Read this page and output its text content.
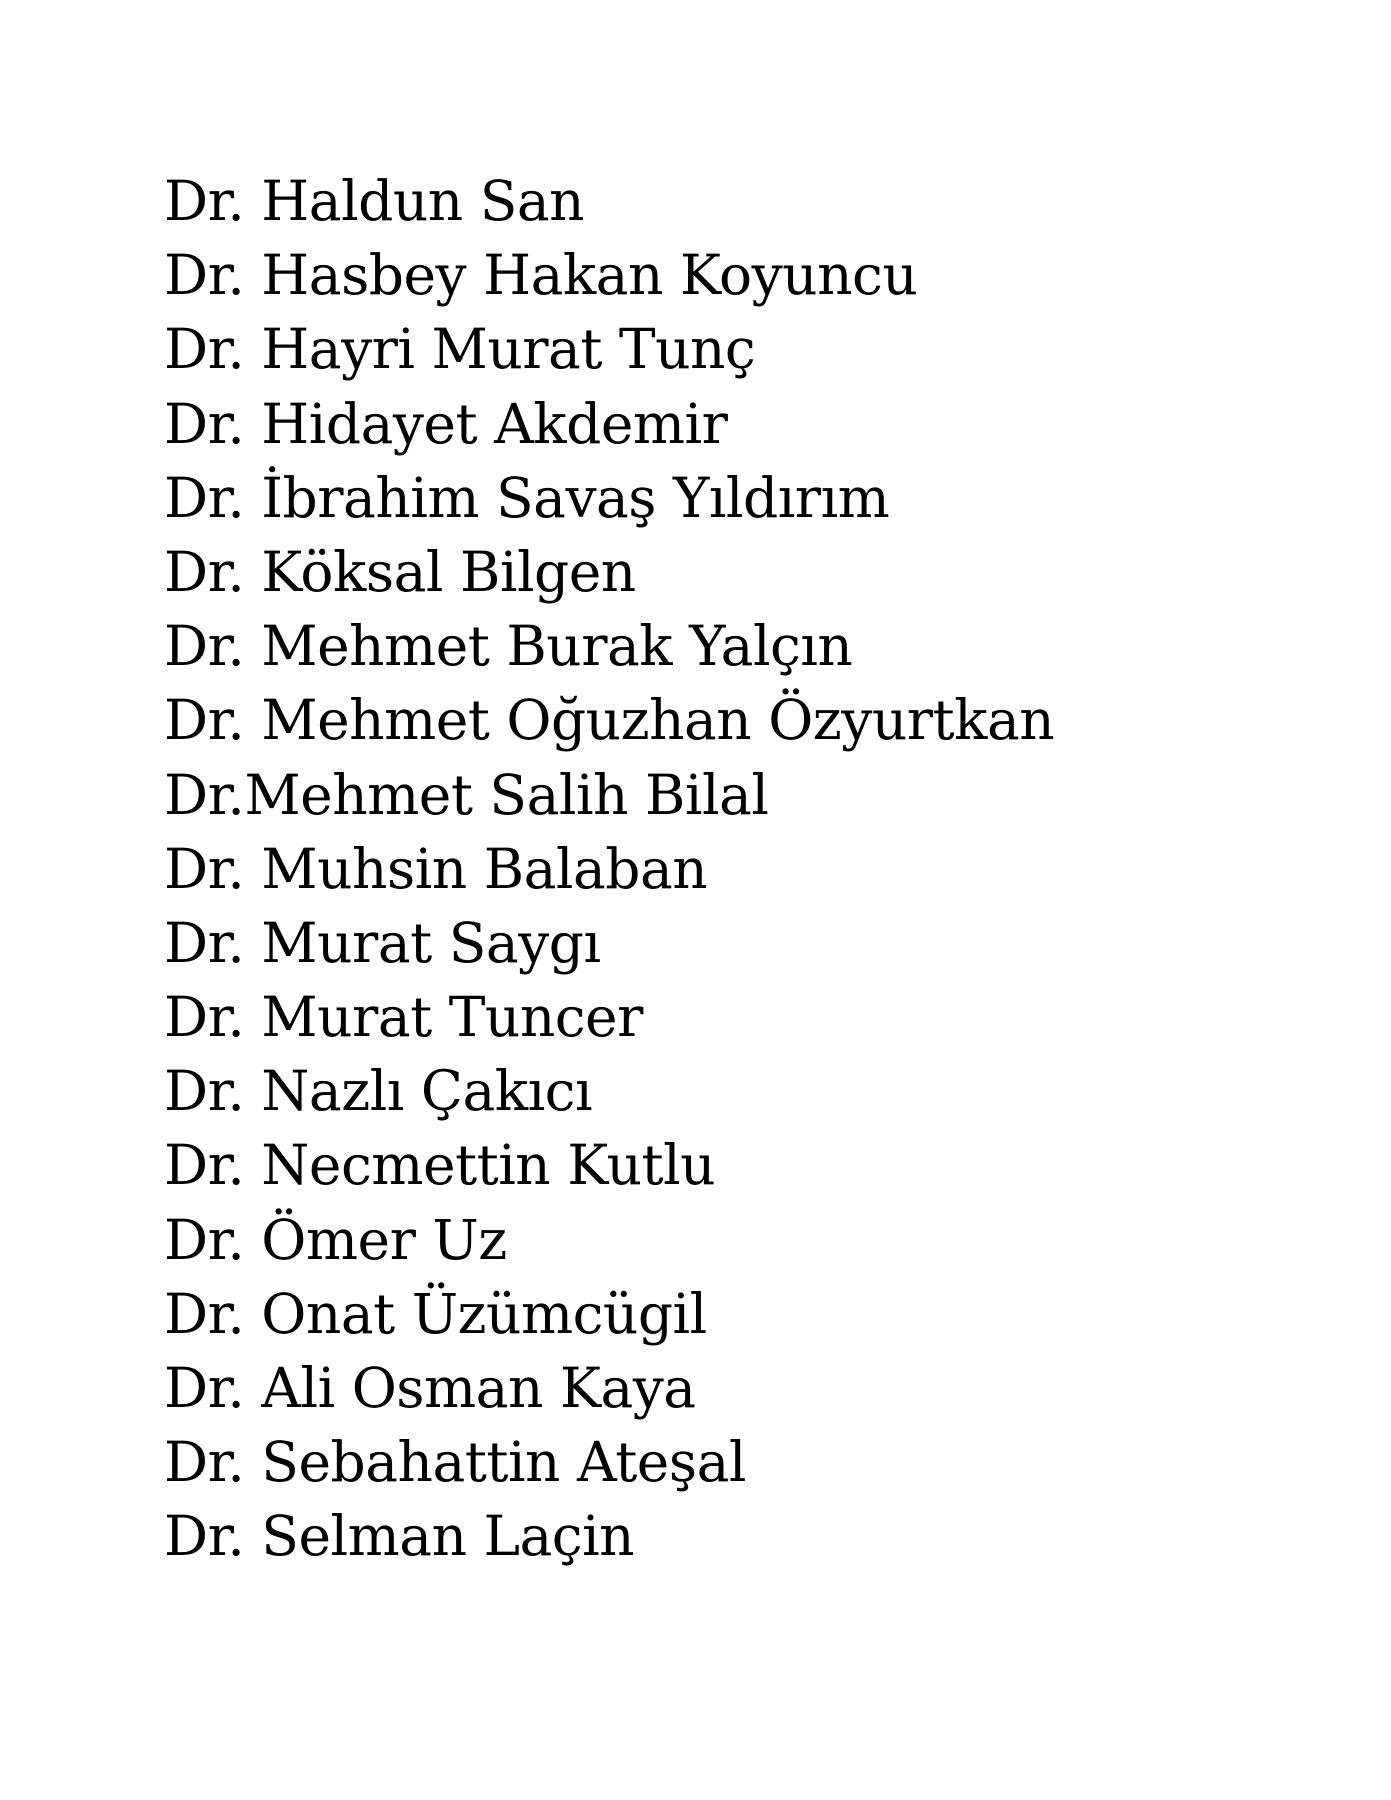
Dr. Haldun San
Dr. Hasbey Hakan Koyuncu
Dr. Hayri Murat Tunç
Dr. Hidayet Akdemir
Dr. İbrahim Savaş Yıldırım
Dr. Köksal Bilgen
Dr. Mehmet Burak Yalçın
Dr. Mehmet Oğuzhan Özyurtkan
Dr.Mehmet Salih Bilal
Dr. Muhsin Balaban
Dr. Murat Saygı
Dr. Murat Tuncer
Dr. Nazlı Çakıcı
Dr. Necmettin Kutlu
Dr. Ömer Uz
Dr. Onat Üzümcügil
Dr. Ali Osman Kaya
Dr. Sebahattin Ateşal
Dr. Selman Laçin
